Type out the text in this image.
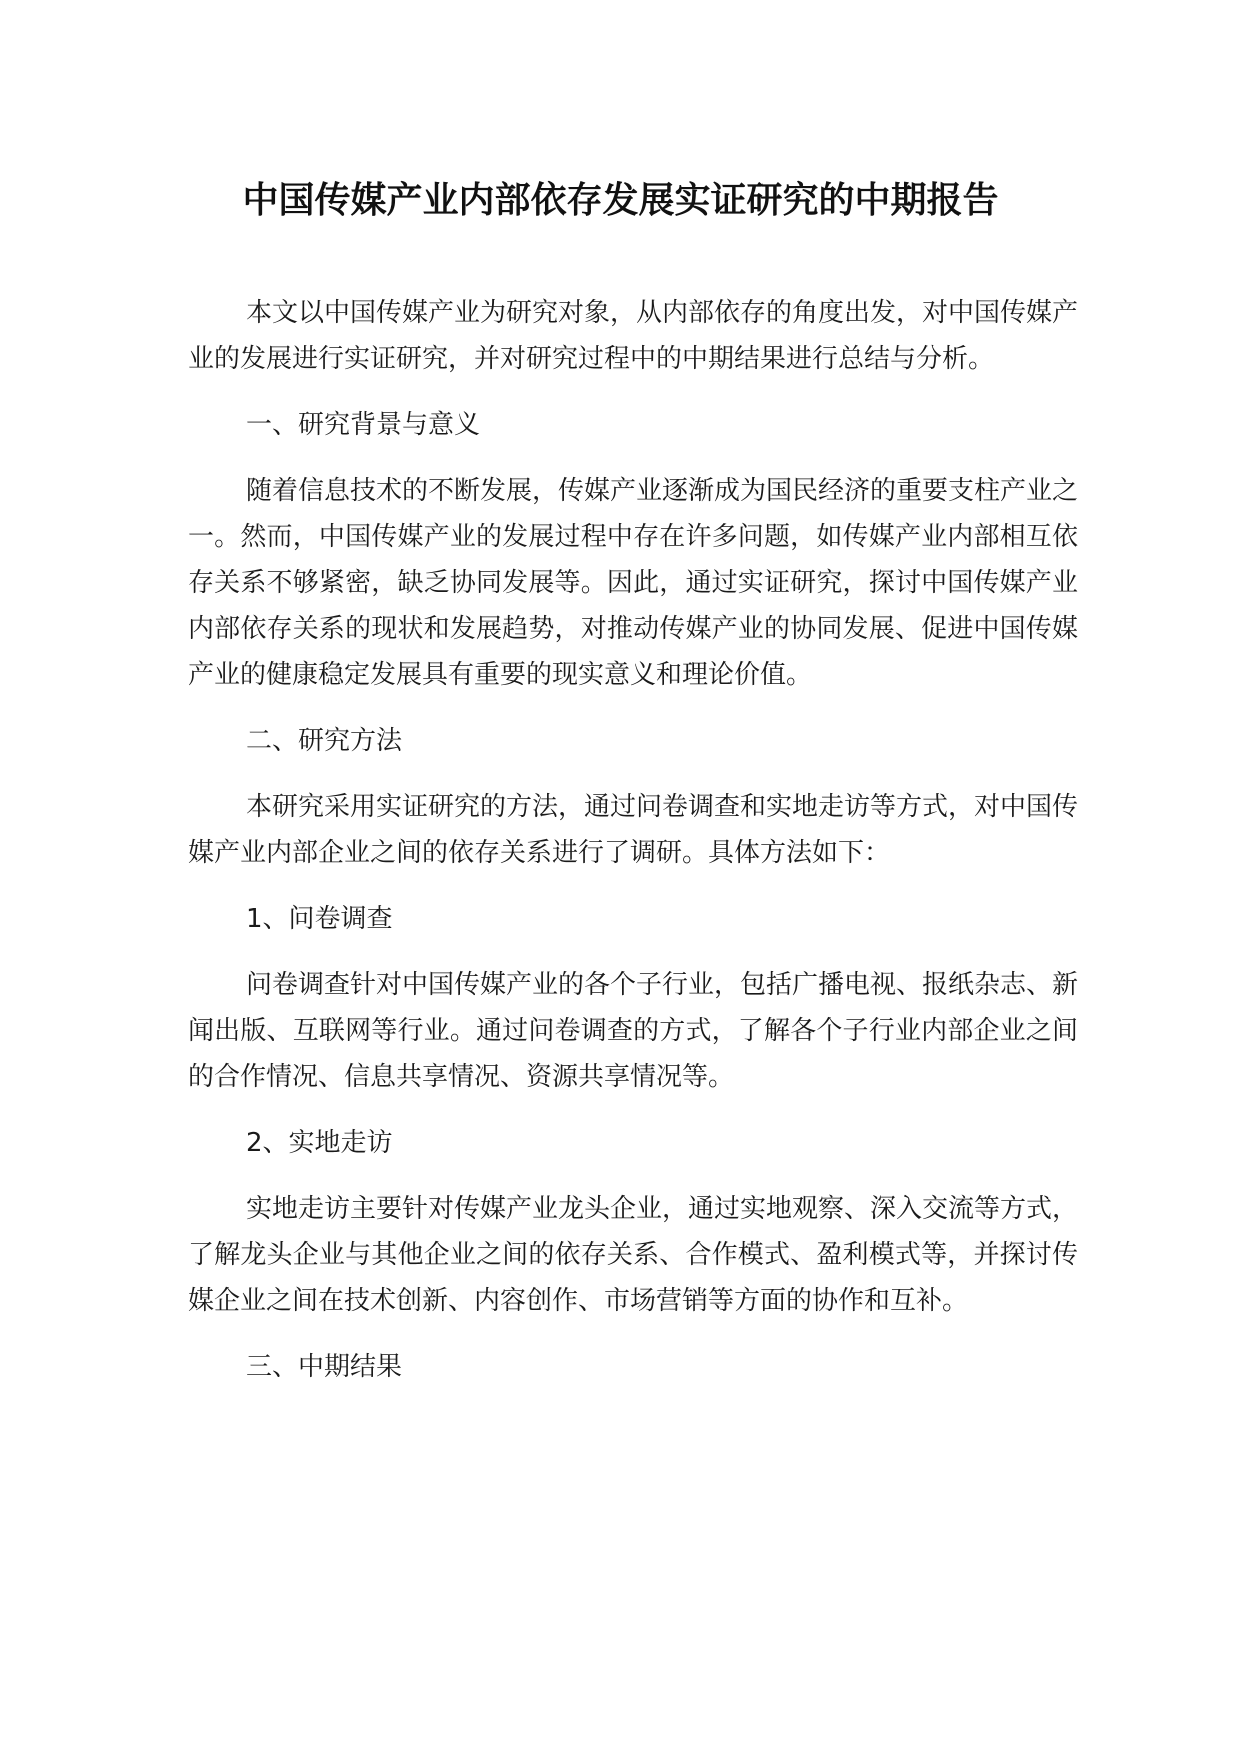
中国传媒产业内部依存发展实证研究的中期报告

本文以中国传媒产业为研究对象，从内部依存的角度出发，对中国传媒产业的发展进行实证研究，并对研究过程中的中期结果进行总结与分析。

一、研究背景与意义

随着信息技术的不断发展，传媒产业逐渐成为国民经济的重要支柱产业之一。然而，中国传媒产业的发展过程中存在许多问题，如传媒产业内部相互依存关系不够紧密，缺乏协同发展等。因此，通过实证研究，探讨中国传媒产业内部依存关系的现状和发展趋势，对推动传媒产业的协同发展、促进中国传媒产业的健康稳定发展具有重要的现实意义和理论价值。

二、研究方法

本研究采用实证研究的方法，通过问卷调查和实地走访等方式，对中国传媒产业内部企业之间的依存关系进行了调研。具体方法如下：

1、问卷调查

问卷调查针对中国传媒产业的各个子行业，包括广播电视、报纸杂志、新闻出版、互联网等行业。通过问卷调查的方式，了解各个子行业内部企业之间的合作情况、信息共享情况、资源共享情况等。

2、实地走访

实地走访主要针对传媒产业龙头企业，通过实地观察、深入交流等方式，了解龙头企业与其他企业之间的依存关系、合作模式、盈利模式等，并探讨传媒企业之间在技术创新、内容创作、市场营销等方面的协作和互补。

三、中期结果
